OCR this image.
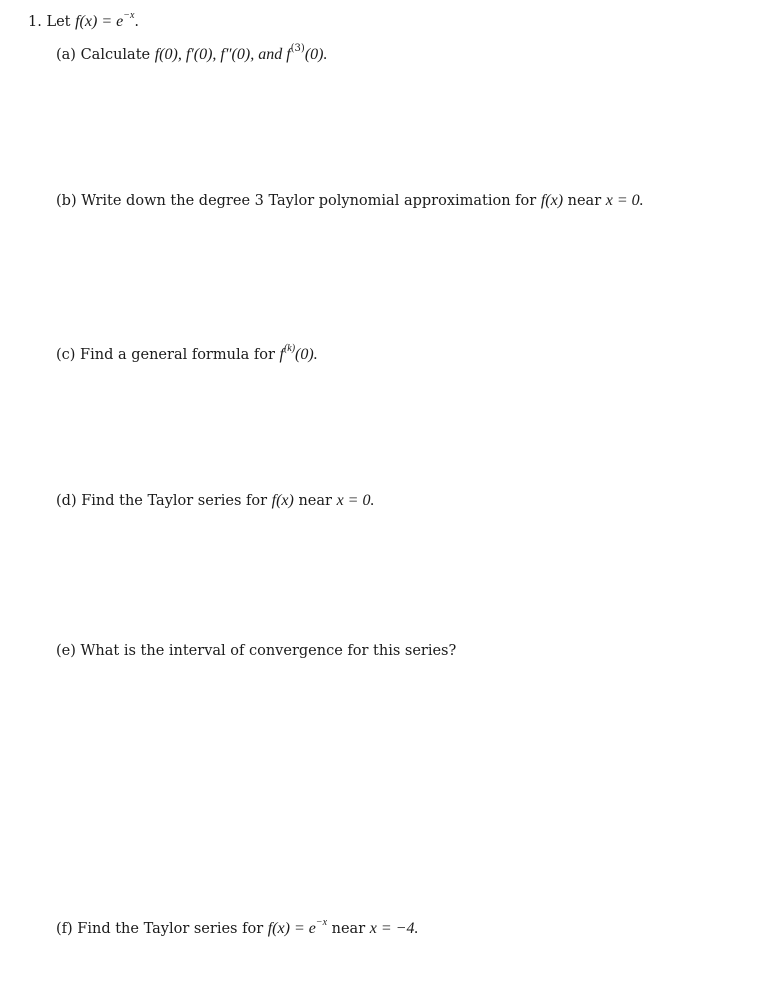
1. Let $f(x) = e^{-x}$.
(a) Calculate f(0), f′(0), f″(0), and $f^{(3)}(0)$.
(b) Write down the degree 3 Taylor polynomial approximation for f(x) near x = 0.
(c) Find a general formula for $f^{(k)}(0)$.
(d) Find the Taylor series for f(x) near x = 0.
(e) What is the interval of convergence for this series?
(f) Find the Taylor series for $f(x) = e^{-x}$ near x = −4.
